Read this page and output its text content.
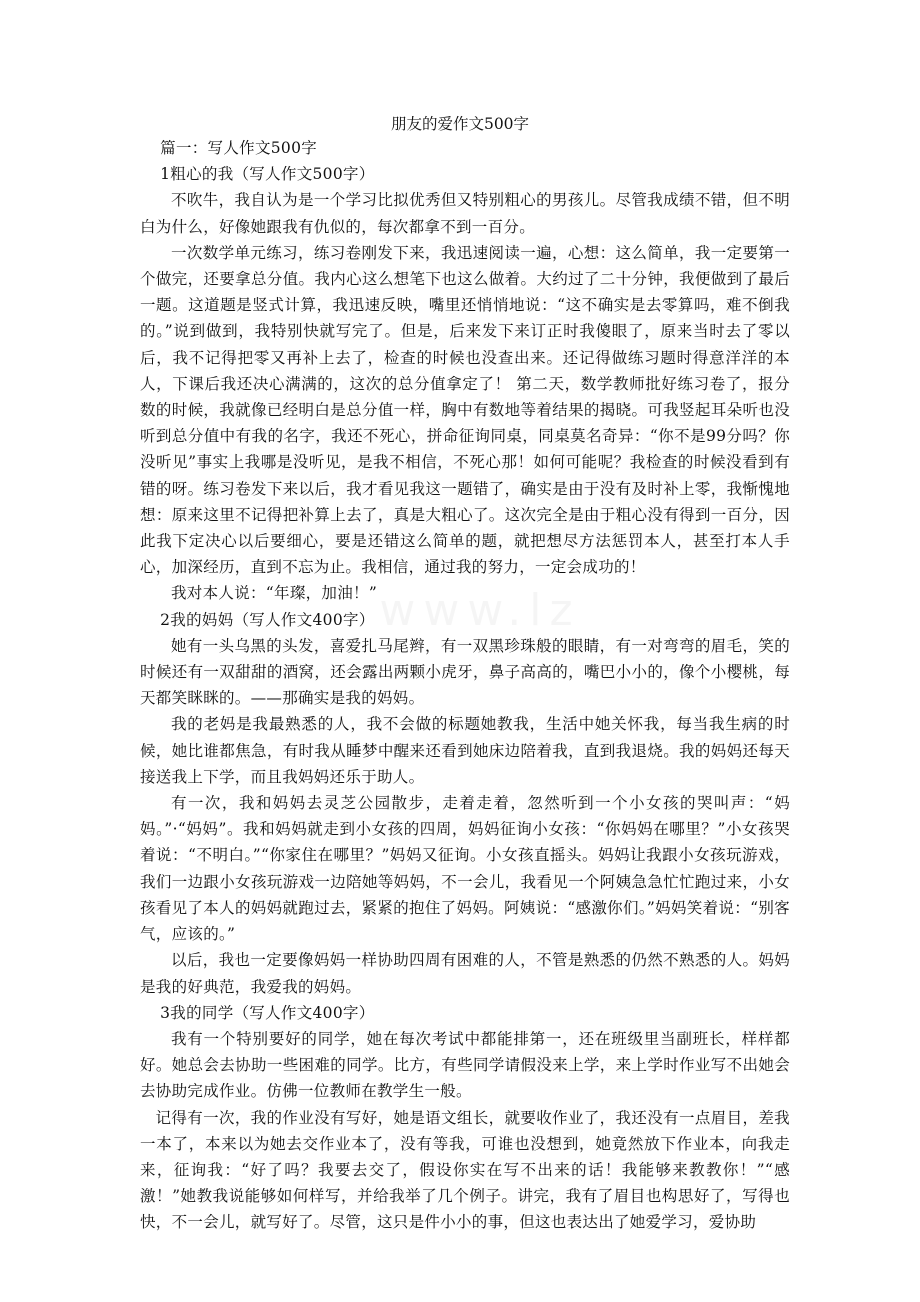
朋友的爱作文500字

篇一：写人作文500字

1粗心的我（写人作文500字）

不吹牛，我自认为是一个学习比拟优秀但又特别粗心的男孩儿。尽管我成绩不错，但不明白为什么，好像她跟我有仇似的，每次都拿不到一百分。

一次数学单元练习，练习卷刚发下来，我迅速阅读一遍，心想：这么简单，我一定要第一个做完，还要拿总分值。我内心这么想笔下也这么做着。大约过了二十分钟，我便做到了最后一题。这道题是竖式计算，我迅速反映，嘴里还悄悄地说：“这不确实是去零算吗，难不倒我的。”说到做到，我特别快就写完了。但是，后来发下来订正时我傻眼了，原来当时去了零以后，我不记得把零又再补上去了，检查的时候也没查出来。还记得做练习题时得意洋洋的本人，下课后我还决心满满的，这次的总分值拿定了！ 第二天，数学教师批好练习卷了，报分数的时候，我就像已经明白是总分值一样，胸中有数地等着结果的揭晓。可我竖起耳朵听也没听到总分值中有我的名字，我还不死心，拼命征询同桌，同桌莫名奇异：“你不是99分吗？你没听见”事实上我哪是没听见，是我不相信，不死心那！如何可能呢？我检查的时候没看到有错的呀。练习卷发下来以后，我才看见我这一题错了，确实是由于没有及时补上零，我惭愧地想：原来这里不记得把补算上去了，真是大粗心了。这次完全是由于粗心没有得到一百分，因此我下定决心以后要细心，要是还错这么简单的题，就把想尽方法惩罚本人，甚至打本人手心，加深经历，直到不忘为止。我相信，通过我的努力，一定会成功的！

我对本人说：“年璨，加油！”

2我的妈妈（写人作文400字）

她有一头乌黑的头发，喜爱扎马尾辫，有一双黑珍珠般的眼睛，有一对弯弯的眉毛，笑的时候还有一双甜甜的酒窝，还会露出两颗小虎牙，鼻子高高的，嘴巴小小的，像个小樱桃，每天都笑眯眯的。——那确实是我的妈妈。

我的老妈是我最熟悉的人，我不会做的标题她教我，生活中她关怀我，每当我生病的时候，她比谁都焦急，有时我从睡梦中醒来还看到她床边陪着我，直到我退烧。我的妈妈还每天接送我上下学，而且我妈妈还乐于助人。

有一次，我和妈妈去灵芝公园散步，走着走着，忽然听到一个小女孩的哭叫声：“妈妈。”·“妈妈”。我和妈妈就走到小女孩的四周，妈妈征询小女孩：“你妈妈在哪里？”小女孩哭着说：“不明白。”“你家住在哪里？”妈妈又征询。小女孩直摇头。妈妈让我跟小女孩玩游戏，我们一边跟小女孩玩游戏一边陪她等妈妈，不一会儿，我看见一个阿姨急急忙忙跑过来，小女孩看见了本人的妈妈就跑过去，紧紧的抱住了妈妈。阿姨说：“感激你们。”妈妈笑着说：“别客气，应该的。”

以后，我也一定要像妈妈一样协助四周有困难的人，不管是熟悉的仍然不熟悉的人。妈妈是我的好典范，我爱我的妈妈。

3我的同学（写人作文400字）

我有一个特别要好的同学，她在每次考试中都能排第一，还在班级里当副班长，样样都好。她总会去协助一些困难的同学。比方，有些同学请假没来上学，来上学时作业写不出她会去协助完成作业。仿佛一位教师在教学生一般。

记得有一次，我的作业没有写好，她是语文组长，就要收作业了，我还没有一点眉目，差我一本了，本来以为她去交作业本了，没有等我，可谁也没想到，她竟然放下作业本，向我走来，征询我：“好了吗？我要去交了，假设你实在写不出来的话！我能够来教教你！”“感激！”她教我说能够如何样写，并给我举了几个例子。讲完，我有了眉目也构思好了，写得也快，不一会儿，就写好了。尽管，这只是件小小的事，但这也表达出了她爱学习，爱协助
